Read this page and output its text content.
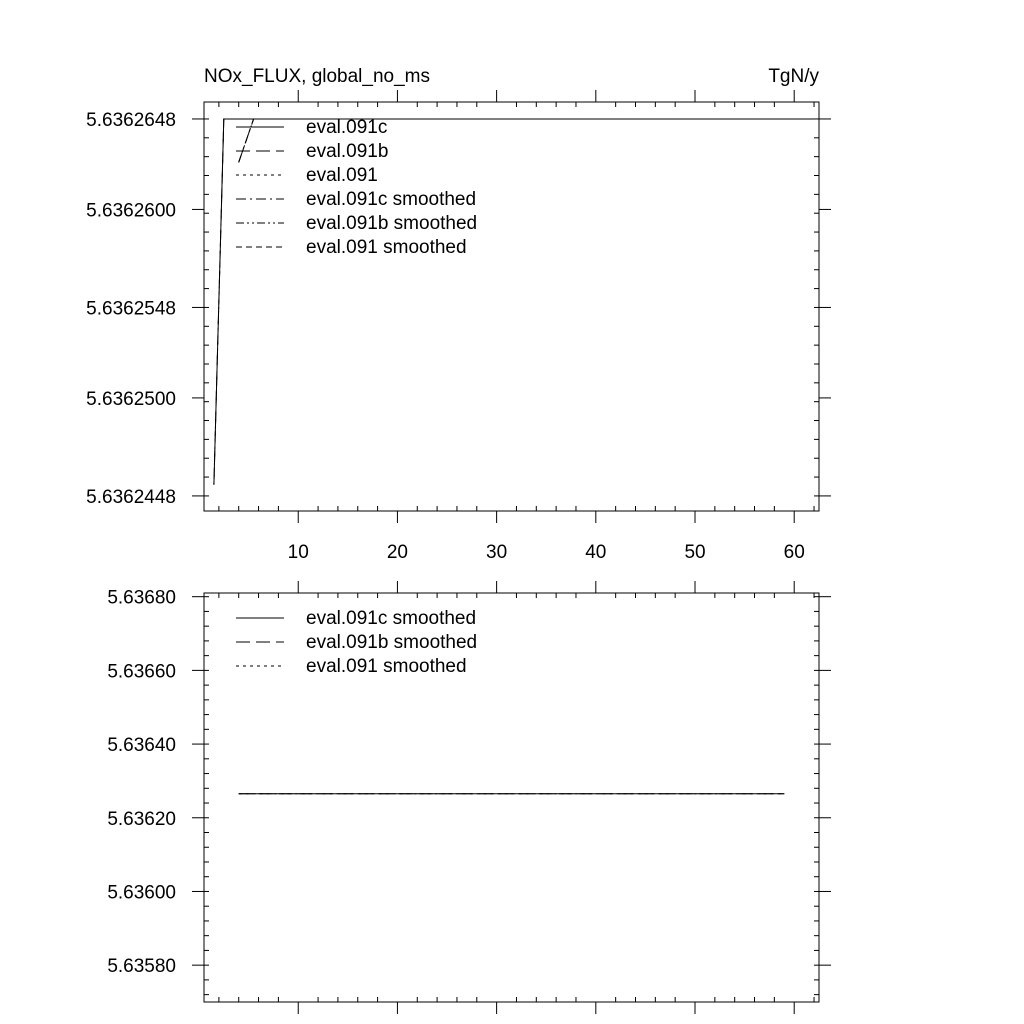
NOx_FLUX, global_no_ms	TgN/y
10	20	30	40	50	60
5.6362448
5.6362500
5.6362548
5.6362600
5.6362648	eval.091c
eval.091b
eval.091
eval.091c smoothed
eval.091b smoothed
eval.091 smoothed
5.63580
5.63600
5.63620
5.63640
5.63660
5.63680
eval.091c smoothed
eval.091b smoothed
eval.091 smoothed
